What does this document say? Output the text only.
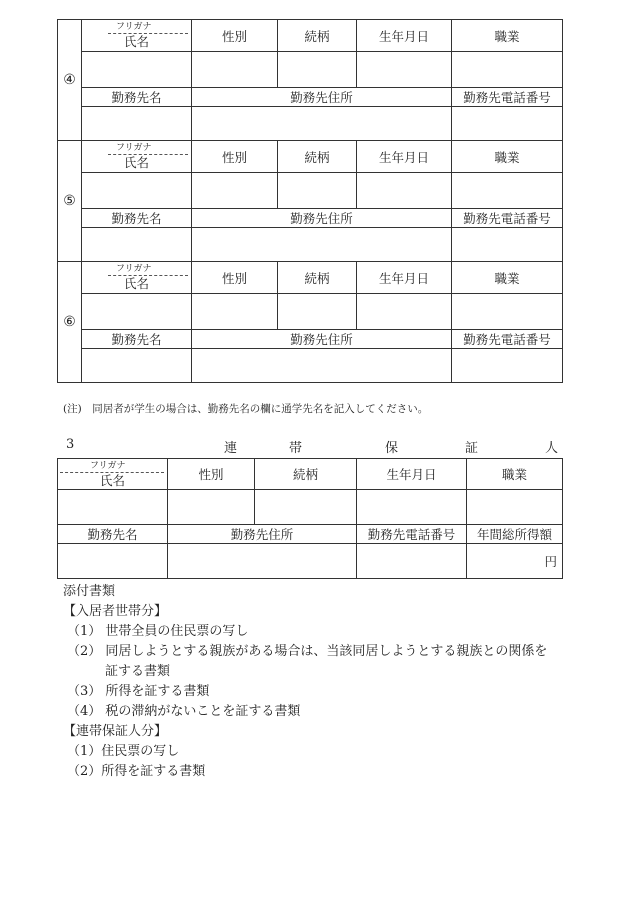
④	フリガナ
氏名	性別	続柄	生年月日	職業

	勤務先名	勤務先住所			勤務先電話番号

⑤	フリガナ
氏名	性別	続柄	生年月日	職業

	勤務先名	勤務先住所			勤務先電話番号

⑥	フリガナ
氏名	性別	続柄	生年月日	職業

	勤務先名	勤務先住所			勤務先電話番号

(注)　同居者が学生の場合は、勤務先名の欄に通学先名を記入してください。
3	連	帯	保	証	人
フリガナ
氏名	性別	続柄	生年月日	職業

勤務先名	勤務先住所		勤務先電話番号	年間総所得額
				円
添付書類
【入居者世帯分】
（1） 世帯全員の住民票の写し
（2） 同居しようとする親族がある場合は、当該同居しようとする親族との関係を
証する書類
（3） 所得を証する書類
（4） 税の滞納がないことを証する書類
【連帯保証人分】
（1）住民票の写し
（2）所得を証する書類
